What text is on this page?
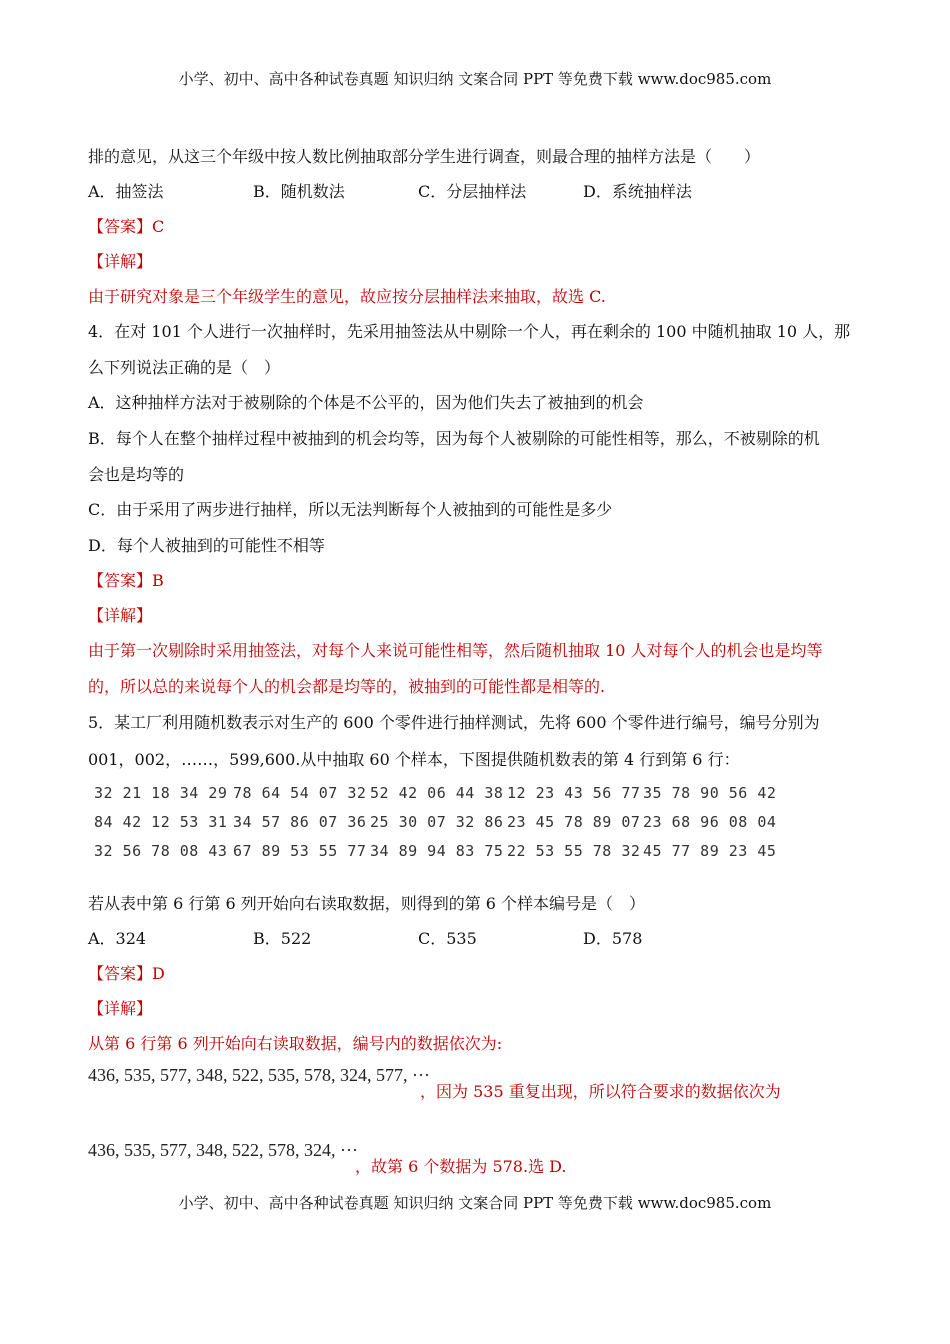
小学、初中、高中各种试卷真题 知识归纳 文案合同 PPT 等免费下载 www.doc985.com
排的意见，从这三个年级中按人数比例抽取部分学生进行调查，则最合理的抽样方法是（　　）
A．抽签法	B．随机数法	C．分层抽样法	D．系统抽样法
【答案】C
【详解】
由于研究对象是三个年级学生的意见，故应按分层抽样法来抽取，故选 C.
4．在对 101 个人进行一次抽样时，先采用抽签法从中剔除一个人，再在剩余的 100 中随机抽取 10 人，那
么下列说法正确的是（　）
A．这种抽样方法对于被剔除的个体是不公平的，因为他们失去了被抽到的机会
B．每个人在整个抽样过程中被抽到的机会均等，因为每个人被剔除的可能性相等，那么，不被剔除的机
会也是均等的
C．由于采用了两步进行抽样，所以无法判断每个人被抽到的可能性是多少
D．每个人被抽到的可能性不相等
【答案】B
【详解】
由于第一次剔除时采用抽签法，对每个人来说可能性相等，然后随机抽取 10 人对每个人的机会也是均等
的，所以总的来说每个人的机会都是均等的，被抽到的可能性都是相等的.
5．某工厂利用随机数表示对生产的 600 个零件进行抽样测试，先将 600 个零件进行编号，编号分别为
001，002，……，599,600.从中抽取 60 个样本，下图提供随机数表的第 4 行到第 6 行：
32 21 18 34 29 78 64 54 07 32 52 42 06 44 38 12 23 43 56 77 35 78 90 56 42
84 42 12 53 31 34 57 86 07 36 25 30 07 32 86 23 45 78 89 07 23 68 96 08 04
32 56 78 08 43 67 89 53 55 77 34 89 94 83 75 22 53 55 78 32 45 77 89 23 45
若从表中第 6 行第 6 列开始向右读取数据，则得到的第 6 个样本编号是（　）
A．324	B．522	C．535	D．578
【答案】D
【详解】
从第 6 行第 6 列开始向右读取数据，编号内的数据依次为:
436, 535, 577, 348, 522, 535, 578, 324, 577, ···
，因为 535 重复出现，所以符合要求的数据依次为
436, 535, 577, 348, 522, 578, 324, ···
，故第 6 个数据为 578.选 D.
小学、初中、高中各种试卷真题 知识归纳 文案合同 PPT 等免费下载 www.doc985.com
